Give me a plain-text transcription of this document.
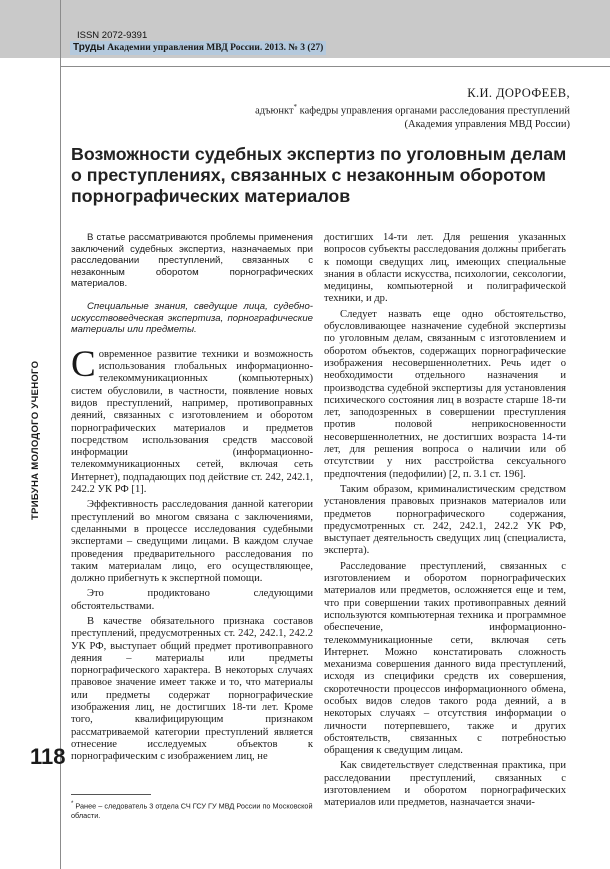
ISSN 2072-9391
Труды Академии управления МВД России. 2013. № 3 (27)
ТРИБУНА МОЛОДОГО УЧЕНОГО
118
К.И. ДОРОФЕЕВ,
адъюнкт* кафедры управления органами расследования преступлений
(Академия управления МВД России)
Возможности судебных экспертиз по уголовным делам о преступлениях, связанных с незаконным оборотом порнографических материалов

В статье рассматриваются проблемы применения заключений судебных экспертиз, назначаемых при расследовании преступлений, связанных с незаконным оборотом порнографических материалов.

Специальные знания, сведущие лица, судебно-искусствоведческая экспертиза, порнографические материалы или предметы.

Современное развитие техники и возможность использования глобальных информационно-телекоммуникационных (компьютерных) систем обусловили, в частности, появление новых видов преступлений, например, противоправных деяний, связанных с изготовлением и оборотом порнографических материалов и предметов посредством использования средств массовой информации (информационно-телекоммуникационных сетей, включая сеть Интернет), подпадающих под действие ст. 242, 242.1, 242.2 УК РФ [1].

Эффективность расследования данной категории преступлений во многом связана с заключениями, сделанными в процессе исследования судебными экспертами – сведущими лицами. В каждом случае проведения предварительного расследования по таким материалам лицо, его осуществляющее, должно прибегнуть к экспертной помощи.

Это продиктовано следующими обстоятельствами.

В качестве обязательного признака составов преступлений, предусмотренных ст. 242, 242.1, 242.2 УК РФ, выступает общий предмет противоправного деяния – материалы или предметы порнографического характера. В некоторых случаях правовое значение имеет также и то, что материалы или предметы содержат порнографические изображения лиц, не достигших 18-ти лет. Кроме того, квалифицирующим признаком рассматриваемой категории преступлений является отнесение исследуемых объектов к порнографическим с изображением лиц, не

достигших 14-ти лет. Для решения указанных вопросов субъекты расследования должны прибегать к помощи сведущих лиц, имеющих специальные знания в области искусства, психологии, сексологии, медицины, компьютерной и полиграфической техники, и др.

Следует назвать еще одно обстоятельство, обусловливающее назначение судебной экспертизы по уголовным делам, связанным с изготовлением и оборотом объектов, содержащих порнографические изображения несовершеннолетних. Речь идет о необходимости отдельного назначения и производства судебной экспертизы для установления психического состояния лиц в возрасте старше 18-ти лет, заподозренных в совершении преступления против половой неприкосновенности несовершеннолетних, не достигших возраста 14-ти лет, для решения вопроса о наличии или об отсутствии у них расстройства сексуального предпочтения (педофилии) [2, п. 3.1 ст. 196].

Таким образом, криминалистическим средством установления правовых признаков материалов или предметов порнографического содержания, предусмотренных ст. 242, 242.1, 242.2 УК РФ, выступает деятельность сведущих лиц (специалиста, эксперта).

Расследование преступлений, связанных с изготовлением и оборотом порнографических материалов или предметов, осложняется еще и тем, что при совершении таких противоправных деяний используются компьютерная техника и программное обеспечение, информационно-телекоммуникационные сети, включая сеть Интернет. Можно констатировать сложность механизма совершения данного вида преступлений, исходя из специфики средств их совершения, скоротечности процессов информационного обмена, особых видов следов такого рода деяний, а в некоторых случаях – отсутствия информации о личности потерпевшего, также и других обстоятельств, связанных с потребностью обращения к сведущим лицам.

Как свидетельствует следственная практика, при расследовании преступлений, связанных с изготовлением и оборотом порнографических материалов или предметов, назначается значи-

* Ранее – следователь 3 отдела СЧ ГСУ ГУ МВД России по Московской области.
